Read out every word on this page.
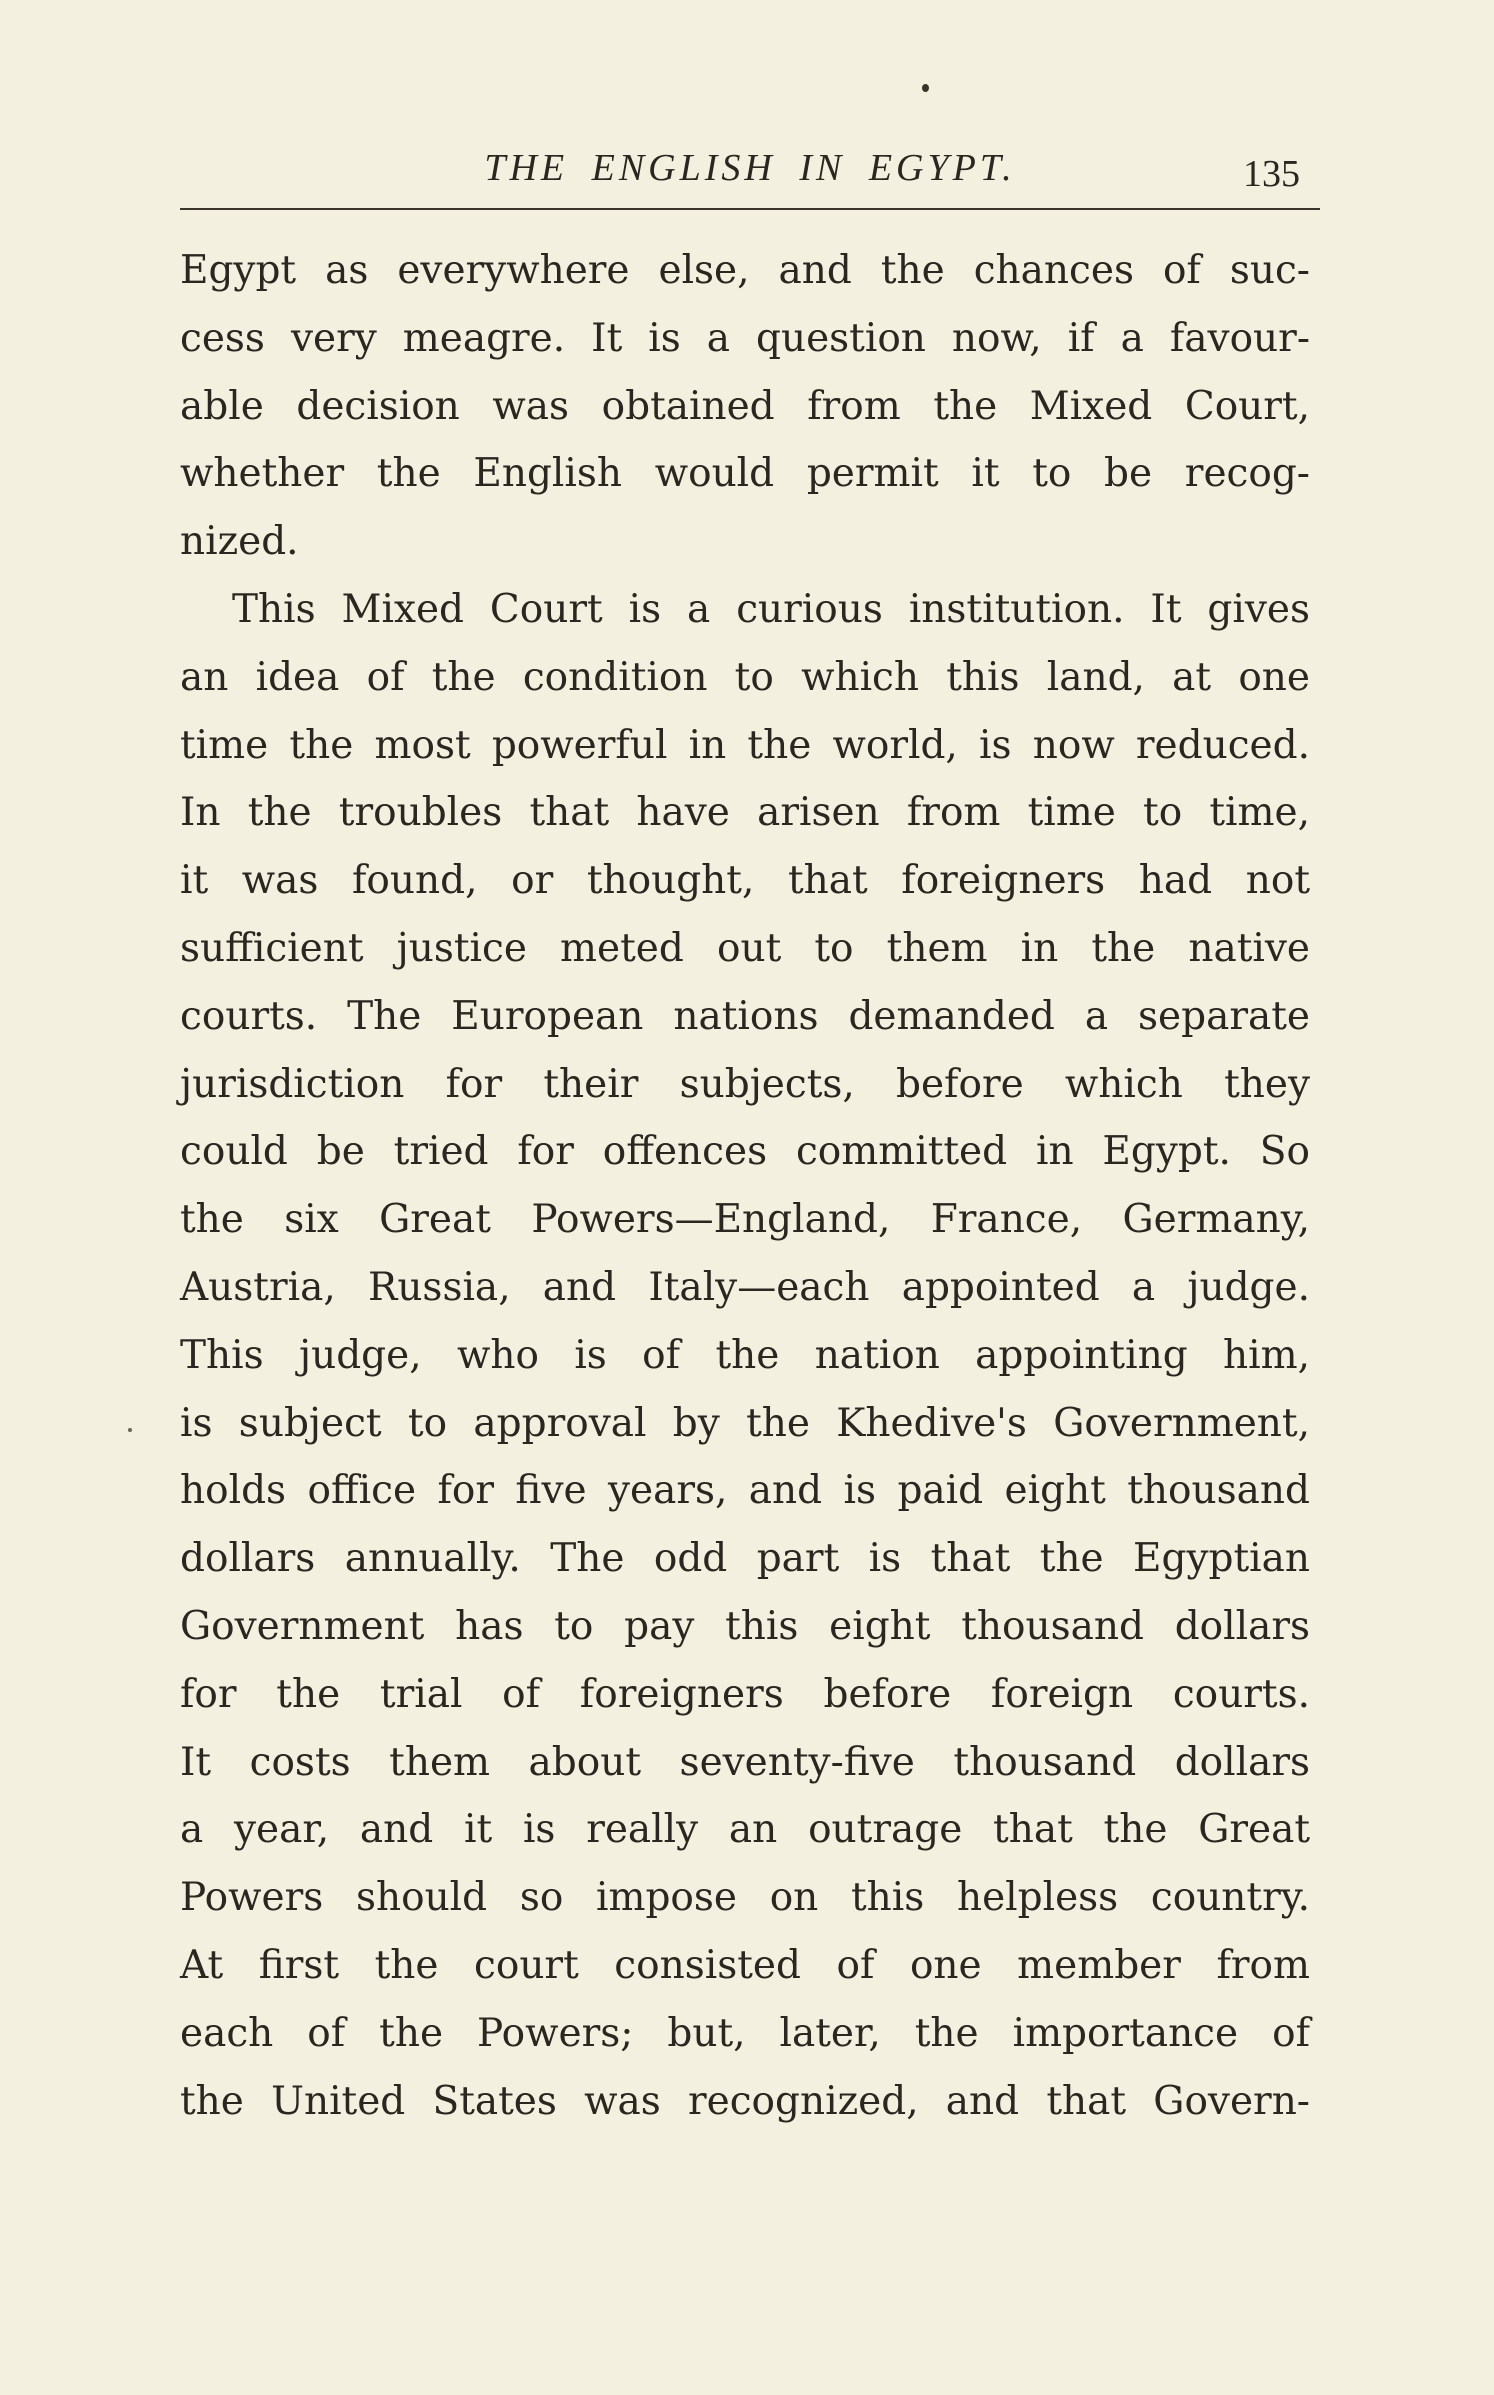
THE ENGLISH IN EGYPT.	135
Egypt as everywhere else, and the chances of suc-
cess very meagre. It is a question now, if a favour-
able decision was obtained from the Mixed Court,
whether the English would permit it to be recog-
nized.
This Mixed Court is a curious institution. It gives
an idea of the condition to which this land, at one
time the most powerful in the world, is now reduced.
In the troubles that have arisen from time to time,
it was found, or thought, that foreigners had not
sufficient justice meted out to them in the native
courts. The European nations demanded a separate
jurisdiction for their subjects, before which they
could be tried for offences committed in Egypt. So
the six Great Powers—England, France, Germany,
Austria, Russia, and Italy—each appointed a judge.
This judge, who is of the nation appointing him,
is subject to approval by the Khedive's Government,
holds office for five years, and is paid eight thousand
dollars annually. The odd part is that the Egyptian
Government has to pay this eight thousand dollars
for the trial of foreigners before foreign courts.
It costs them about seventy-five thousand dollars
a year, and it is really an outrage that the Great
Powers should so impose on this helpless country.
At first the court consisted of one member from
each of the Powers; but, later, the importance of
the United States was recognized, and that Govern-
